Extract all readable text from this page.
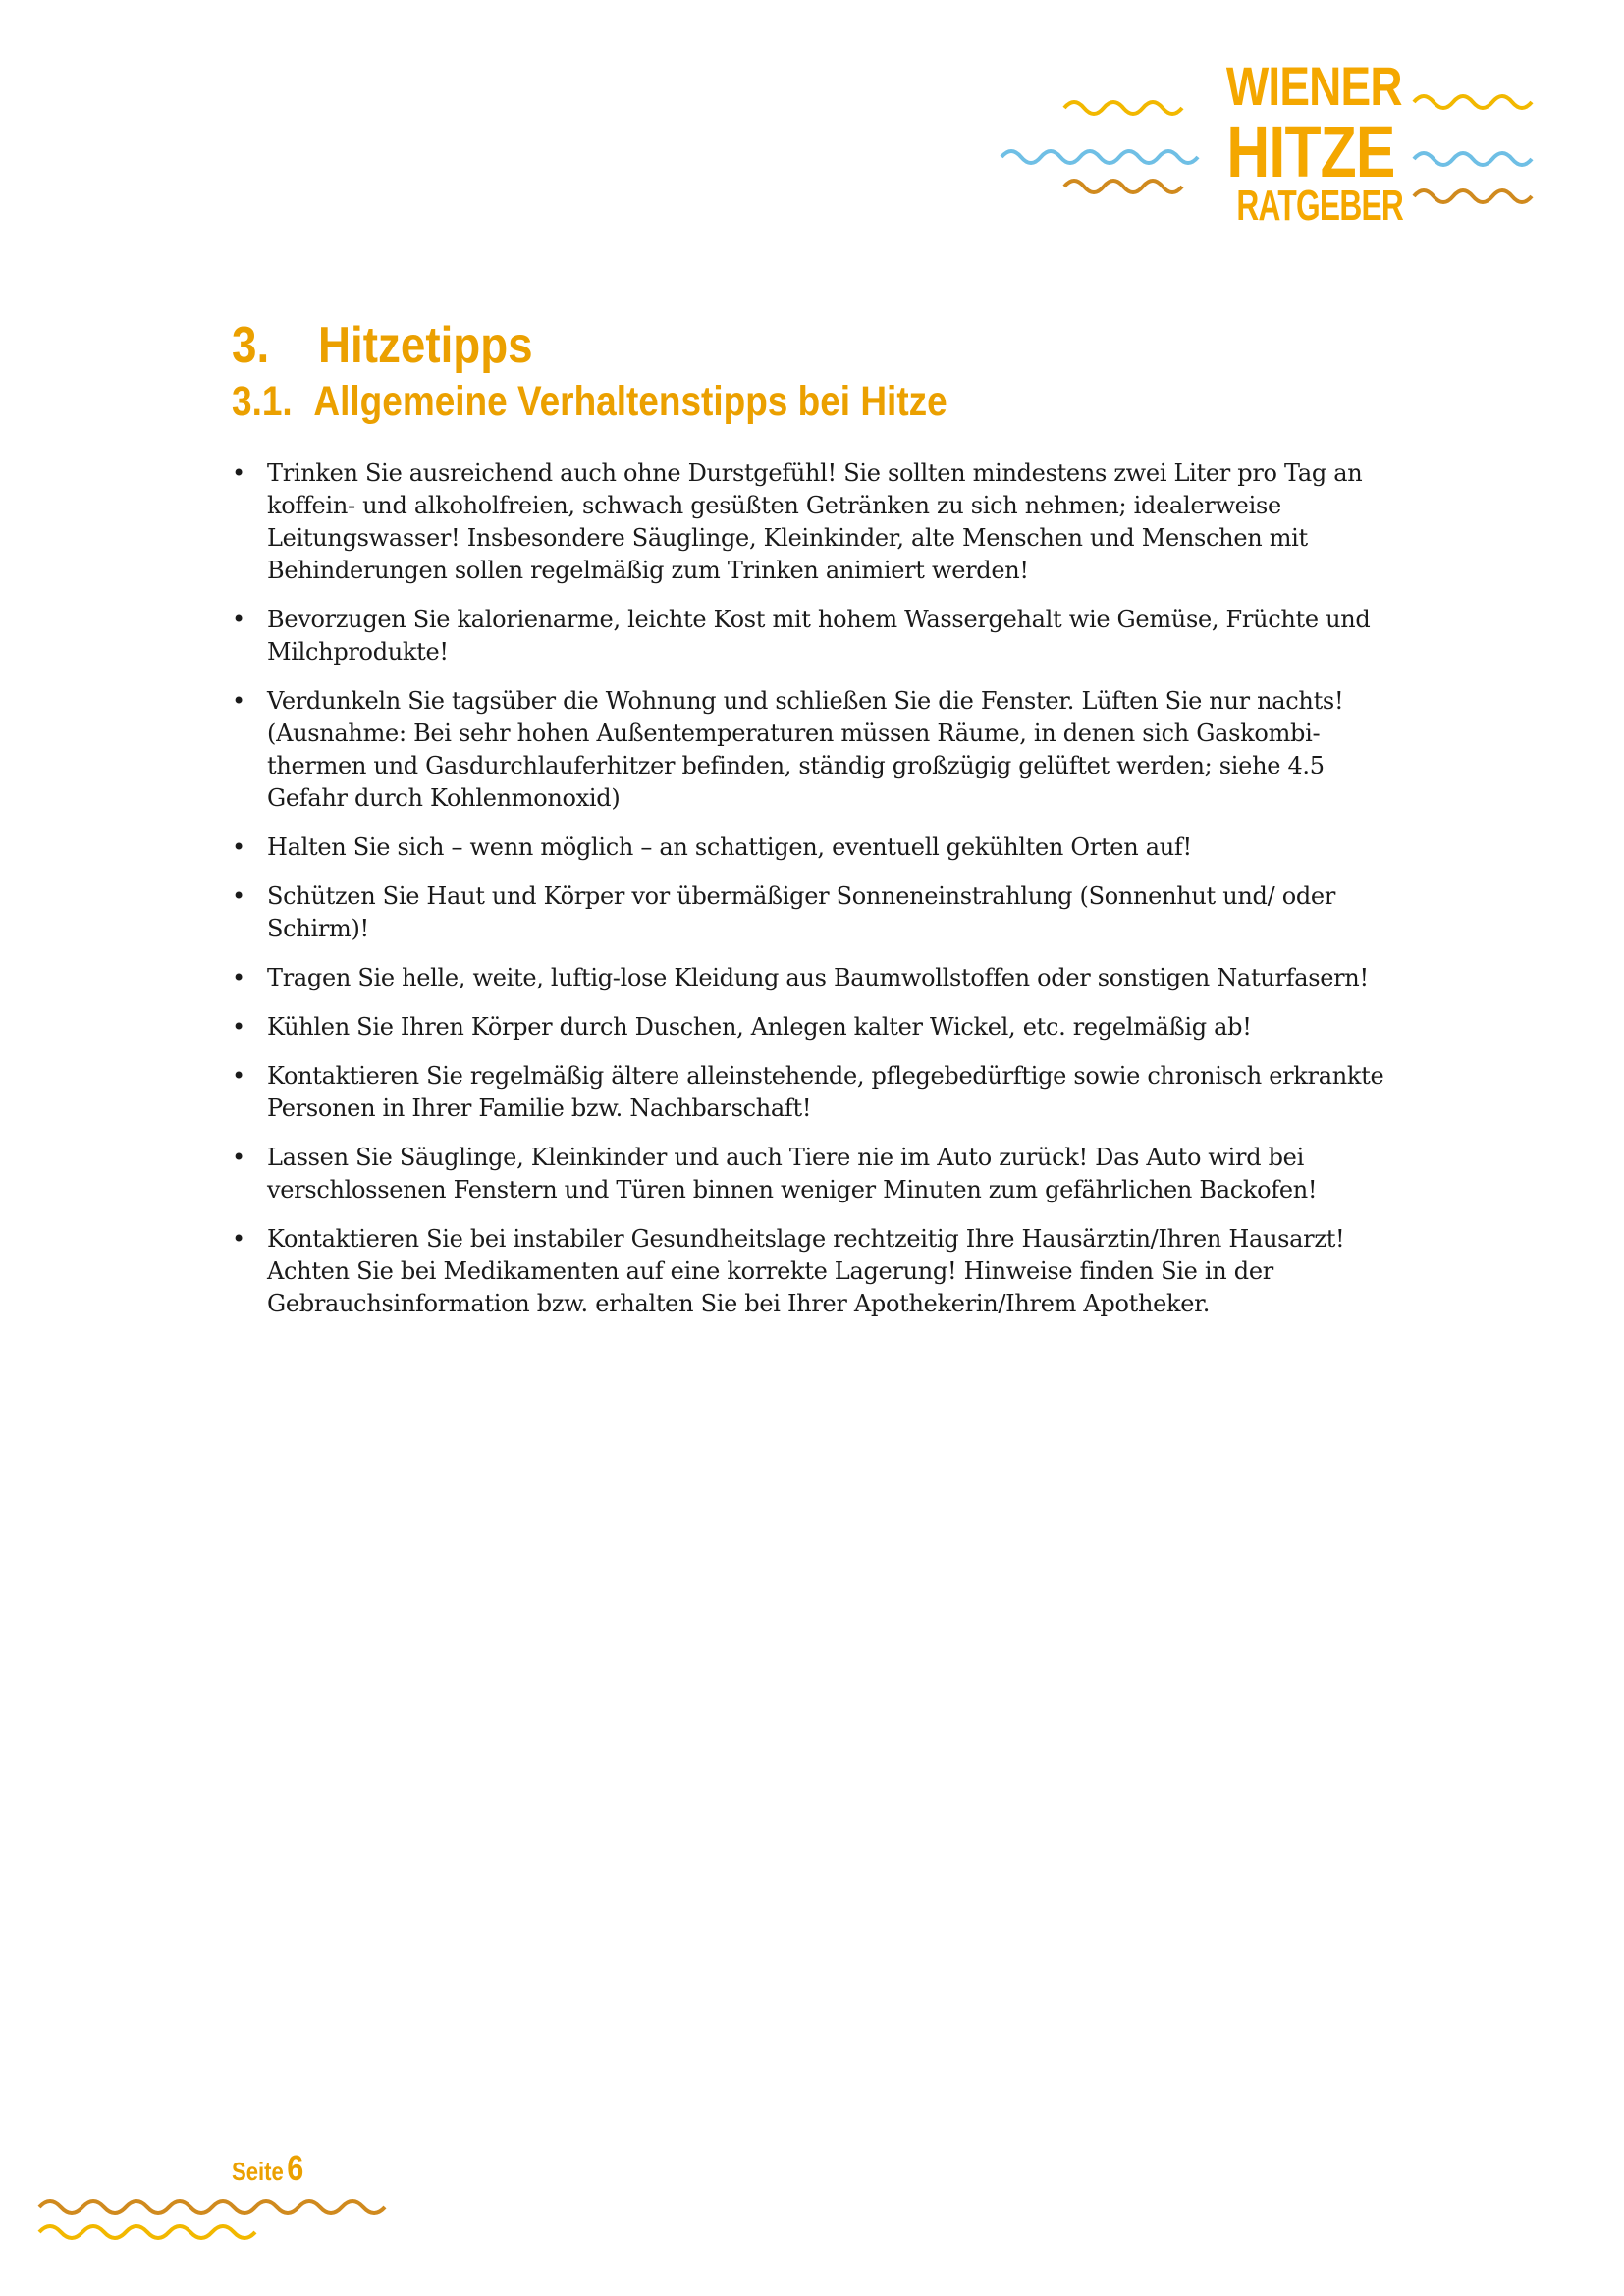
WIENER
HITZE
RATGEBER
3. Hitzetipps
3.1. Allgemeine Verhaltenstipps bei Hitze
• Trinken Sie ausreichend auch ohne Durstgefühl! Sie sollten mindestens zwei Liter pro Tag an koffein- und alkoholfreien, schwach gesüßten Getränken zu sich nehmen; idealerweise Leitungswasser! Insbesondere Säuglinge, Kleinkinder, alte Menschen und Menschen mit Behinderungen sollen regelmäßig zum Trinken animiert werden!
• Bevorzugen Sie kalorienarme, leichte Kost mit hohem Wassergehalt wie Gemüse, Früchte und Milchprodukte!
• Verdunkeln Sie tagsüber die Wohnung und schließen Sie die Fenster. Lüften Sie nur nachts! (Ausnahme: Bei sehr hohen Außentemperaturen müssen Räume, in denen sich Gaskombithermen und Gasdurchlauferhitzer befinden, ständig großzügig gelüftet werden; siehe 4.5 Gefahr durch Kohlenmonoxid)
• Halten Sie sich – wenn möglich – an schattigen, eventuell gekühlten Orten auf!
• Schützen Sie Haut und Körper vor übermäßiger Sonneneinstrahlung (Sonnenhut und/ oder Schirm)!
• Tragen Sie helle, weite, luftig-lose Kleidung aus Baumwollstoffen oder sonstigen Naturfasern!
• Kühlen Sie Ihren Körper durch Duschen, Anlegen kalter Wickel, etc. regelmäßig ab!
• Kontaktieren Sie regelmäßig ältere alleinstehende, pflegebedürftige sowie chronisch erkrankte Personen in Ihrer Familie bzw. Nachbarschaft!
• Lassen Sie Säuglinge, Kleinkinder und auch Tiere nie im Auto zurück! Das Auto wird bei verschlossenen Fenstern und Türen binnen weniger Minuten zum gefährlichen Backofen!
• Kontaktieren Sie bei instabiler Gesundheitslage rechtzeitig Ihre Hausärztin/Ihren Hausarzt! Achten Sie bei Medikamenten auf eine korrekte Lagerung! Hinweise finden Sie in der Gebrauchsinformation bzw. erhalten Sie bei Ihrer Apothekerin/Ihrem Apotheker.
Seite6
